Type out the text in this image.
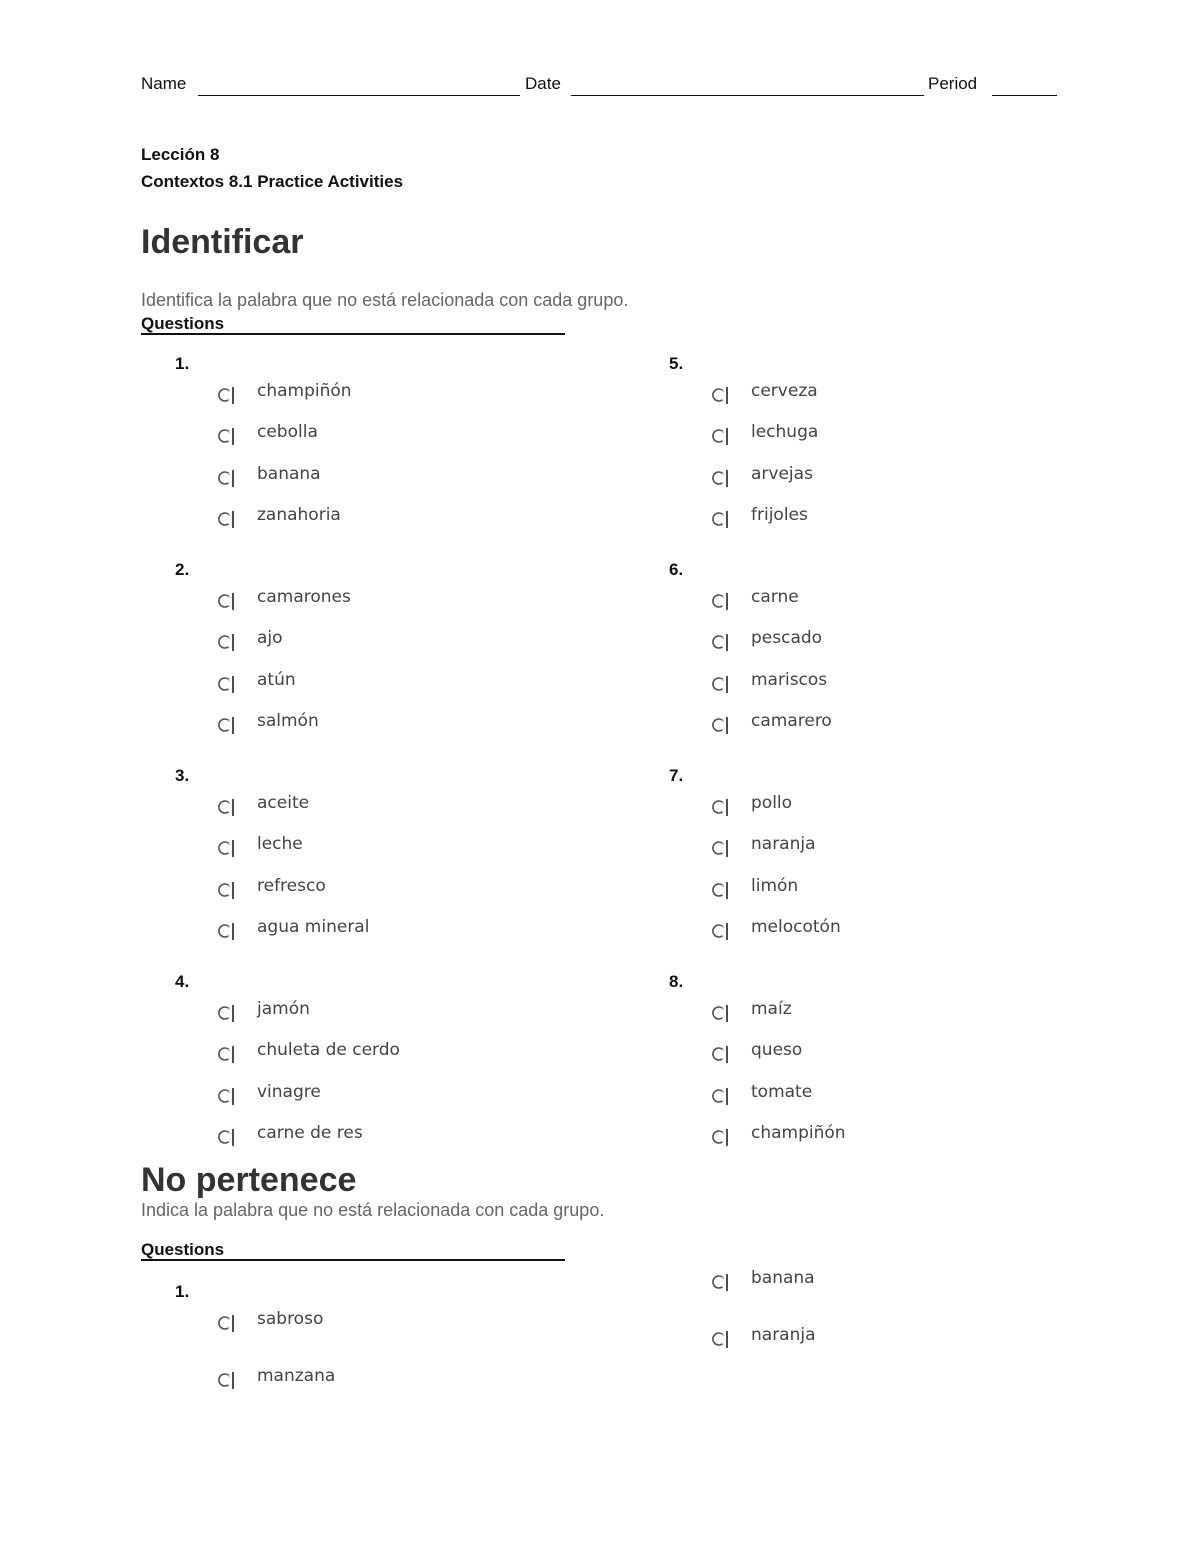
Name	Date	Period
Lección 8
Contextos 8.1 Practice Activities
Identificar
Identifica la palabra que no está relacionada con cada grupo.
Questions
1.
champiñón
cebolla
banana
zanahoria
2.
camarones
ajo
atún
salmón
3.
aceite
leche
refresco
agua mineral
4.
jamón
chuleta de cerdo
vinagre
carne de res
5.
cerveza
lechuga
arvejas
frijoles
6.
carne
pescado
mariscos
camarero
7.
pollo
naranja
limón
melocotón
8.
maíz
queso
tomate
champiñón
No pertenece
Indica la palabra que no está relacionada con cada grupo.
Questions
1.
sabroso
manzana
banana
naranja
